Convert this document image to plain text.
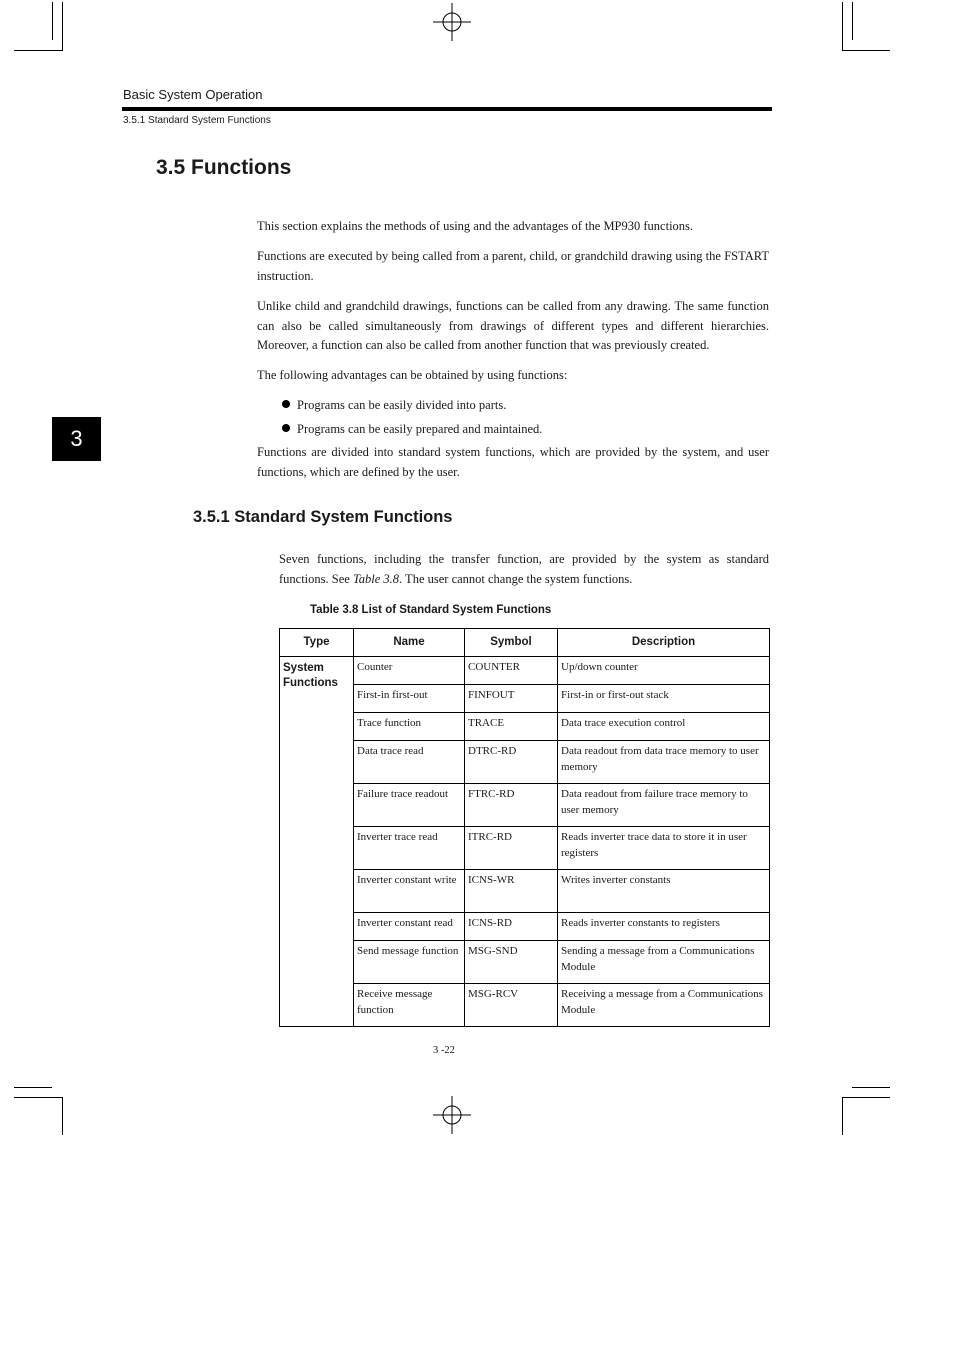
Basic System Operation
3.5.1 Standard System Functions
3.5 Functions
This section explains the methods of using and the advantages of the MP930 functions.
Functions are executed by being called from a parent, child, or grandchild drawing using the FSTART instruction.
Unlike child and grandchild drawings, functions can be called from any drawing. The same function can also be called simultaneously from drawings of different types and different hierarchies. Moreover, a function can also be called from another function that was previously created.
The following advantages can be obtained by using functions:
Programs can be easily divided into parts.
Programs can be easily prepared and maintained.
Functions are divided into standard system functions, which are provided by the system, and user functions, which are defined by the user.
3
3.5.1 Standard System Functions
Seven functions, including the transfer function, are provided by the system as standard functions. See Table 3.8. The user cannot change the system functions.
Table 3.8 List of Standard System Functions
Type	Name	Symbol	Description
System Functions	Counter	COUNTER	Up/down counter
	First-in first-out	FINFOUT	First-in or first-out stack
	Trace function	TRACE	Data trace execution control
	Data trace read	DTRC-RD	Data readout from data trace memory to user memory
	Failure trace readout	FTRC-RD	Data readout from failure trace memory to user memory
	Inverter trace read	ITRC-RD	Reads inverter trace data to store it in user registers
	Inverter constant write	ICNS-WR	Writes inverter constants
	Inverter constant read	ICNS-RD	Reads inverter constants to registers
	Send message function	MSG-SND	Sending a message from a Communications Module
	Receive message function	MSG-RCV	Receiving a message from a Communications Module
3 -22
